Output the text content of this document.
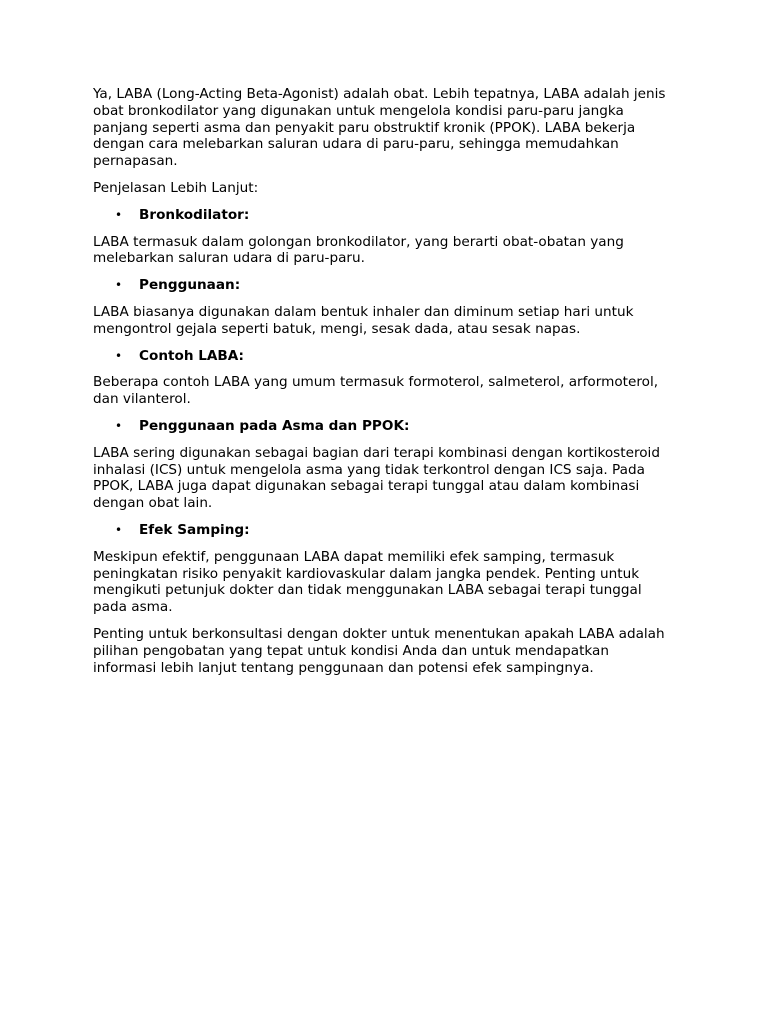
Ya, LABA (Long-Acting Beta-Agonist) adalah obat. Lebih tepatnya, LABA adalah jenis obat bronkodilator yang digunakan untuk mengelola kondisi paru-paru jangka panjang seperti asma dan penyakit paru obstruktif kronik (PPOK). LABA bekerja dengan cara melebarkan saluran udara di paru-paru, sehingga memudahkan pernapasan.

Penjelasan Lebih Lanjut:

•	Bronkodilator:

LABA termasuk dalam golongan bronkodilator, yang berarti obat-obatan yang melebarkan saluran udara di paru-paru.

•	Penggunaan:

LABA biasanya digunakan dalam bentuk inhaler dan diminum setiap hari untuk mengontrol gejala seperti batuk, mengi, sesak dada, atau sesak napas.

•	Contoh LABA:

Beberapa contoh LABA yang umum termasuk formoterol, salmeterol, arformoterol, dan vilanterol.

•	Penggunaan pada Asma dan PPOK:

LABA sering digunakan sebagai bagian dari terapi kombinasi dengan kortikosteroid inhalasi (ICS) untuk mengelola asma yang tidak terkontrol dengan ICS saja. Pada PPOK, LABA juga dapat digunakan sebagai terapi tunggal atau dalam kombinasi dengan obat lain.

•	Efek Samping:

Meskipun efektif, penggunaan LABA dapat memiliki efek samping, termasuk peningkatan risiko penyakit kardiovaskular dalam jangka pendek. Penting untuk mengikuti petunjuk dokter dan tidak menggunakan LABA sebagai terapi tunggal pada asma.

Penting untuk berkonsultasi dengan dokter untuk menentukan apakah LABA adalah pilihan pengobatan yang tepat untuk kondisi Anda dan untuk mendapatkan informasi lebih lanjut tentang penggunaan dan potensi efek sampingnya.
